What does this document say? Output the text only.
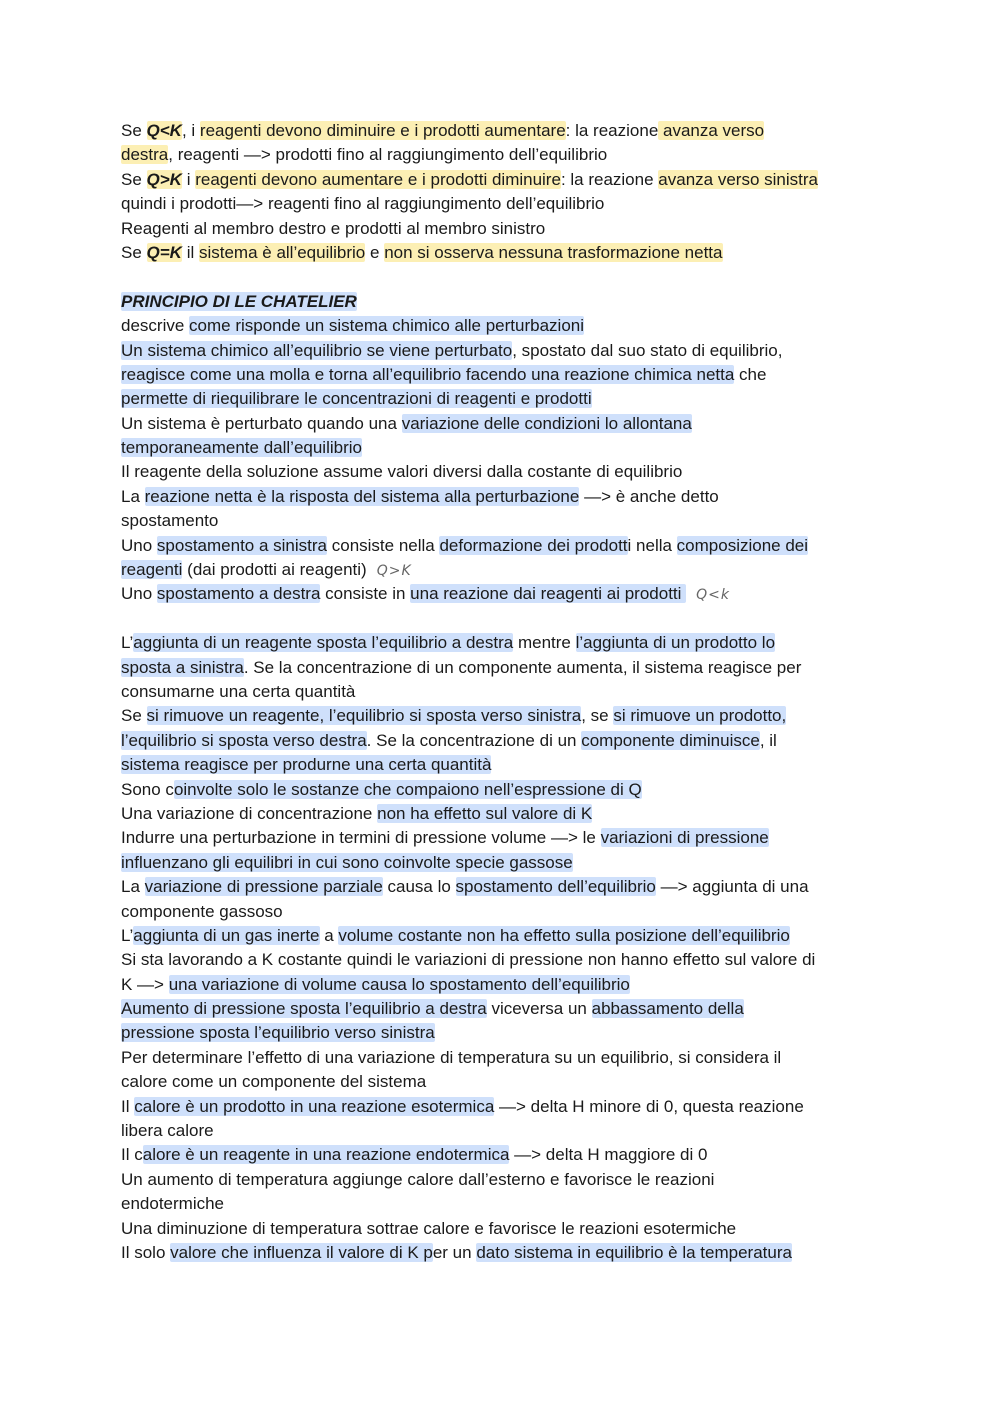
Se Q<K, i reagenti devono diminuire e i prodotti aumentare: la reazione avanza verso
destra, reagenti —> prodotti fino al raggiungimento dell’equilibrio
Se Q>K i reagenti devono aumentare e i prodotti diminuire: la reazione avanza verso sinistra
quindi i prodotti—> reagenti fino al raggiungimento dell’equilibrio
Reagenti al membro destro e prodotti al membro sinistro
Se Q=K il sistema è all’equilibrio e non si osserva nessuna trasformazione netta
PRINCIPIO DI LE CHATELIER
descrive come risponde un sistema chimico alle perturbazioni
Un sistema chimico all’equilibrio se viene perturbato, spostato dal suo stato di equilibrio,
reagisce come una molla e torna all’equilibrio facendo una reazione chimica netta che
permette di riequilibrare le concentrazioni di reagenti e prodotti
Un sistema è perturbato quando una variazione delle condizioni lo allontana
temporaneamente dall’equilibrio
Il reagente della soluzione assume valori diversi dalla costante di equilibrio
La reazione netta è la risposta del sistema alla perturbazione —> è anche detto
spostamento
Uno spostamento a sinistra consiste nella deformazione dei prodotti nella composizione dei
reagenti (dai prodotti ai reagenti) Q>K
Uno spostamento a destra consiste in una reazione dai reagenti ai prodotti Q<k
L’aggiunta di un reagente sposta l’equilibrio a destra mentre l’aggiunta di un prodotto lo
sposta a sinistra. Se la concentrazione di un componente aumenta, il sistema reagisce per
consumarne una certa quantità
Se si rimuove un reagente, l’equilibrio si sposta verso sinistra, se si rimuove un prodotto,
l’equilibrio si sposta verso destra. Se la concentrazione di un componente diminuisce, il
sistema reagisce per produrne una certa quantità
Sono coinvolte solo le sostanze che compaiono nell’espressione di Q
Una variazione di concentrazione non ha effetto sul valore di K
Indurre una perturbazione in termini di pressione volume —> le variazioni di pressione
influenzano gli equilibri in cui sono coinvolte specie gassose
La variazione di pressione parziale causa lo spostamento dell’equilibrio —> aggiunta di una
componente gassoso
L’aggiunta di un gas inerte a volume costante non ha effetto sulla posizione dell’equilibrio
Si sta lavorando a K costante quindi le variazioni di pressione non hanno effetto sul valore di
K —> una variazione di volume causa lo spostamento dell’equilibrio
Aumento di pressione sposta l’equilibrio a destra viceversa un abbassamento della
pressione sposta l’equilibrio verso sinistra
Per determinare l’effetto di una variazione di temperatura su un equilibrio, si considera il
calore come un componente del sistema
Il calore è un prodotto in una reazione esotermica —> delta H minore di 0, questa reazione
libera calore
Il calore è un reagente in una reazione endotermica —> delta H maggiore di 0
Un aumento di temperatura aggiunge calore dall’esterno e favorisce le reazioni
endotermiche
Una diminuzione di temperatura sottrae calore e favorisce le reazioni esotermiche
Il solo valore che influenza il valore di K per un dato sistema in equilibrio è la temperatura
